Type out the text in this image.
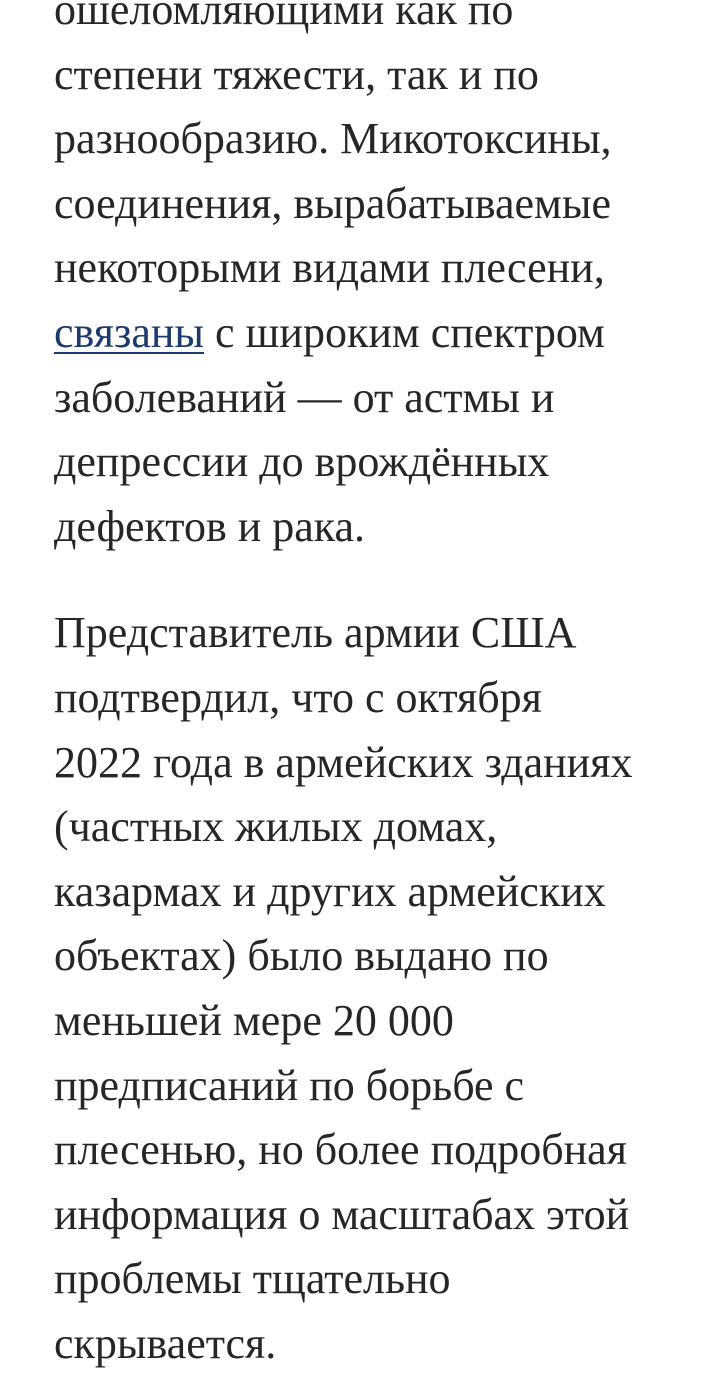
ошеломляющими как по
степени тяжести, так и по
разнообразию. Микотоксины,
соединения, вырабатываемые
некоторыми видами плесени,
связаны с широким спектром
заболеваний — от астмы и
депрессии до врождённых
дефектов и рака.

Представитель армии США
подтвердил, что с октября
2022 года в армейских зданиях
(частных жилых домах,
казармах и других армейских
объектах) было выдано по
меньшей мере 20 000
предписаний по борьбе с
плесенью, но более подробная
информация о масштабах этой
проблемы тщательно
скрывается.
